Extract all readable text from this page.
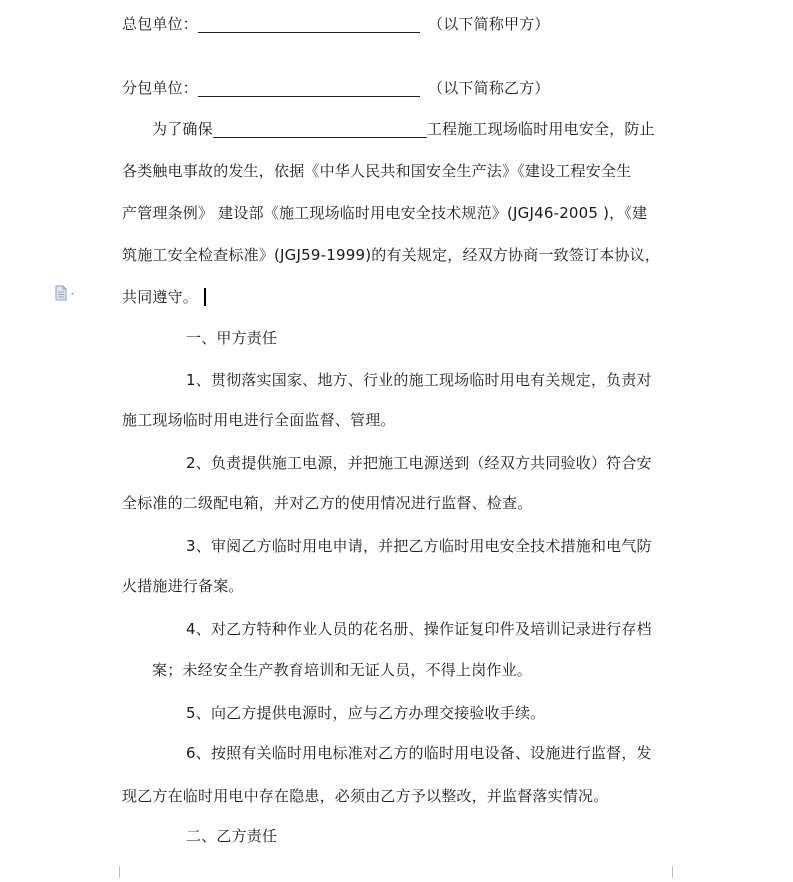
总包单位：	（以下简称甲方）
分包单位：	（以下简称乙方）
为了确保	工程施工现场临时用电安全，防止
各类触电事故的发生，依据《中华人民共和国安全生产法》《建设工程安全生
产管理条例》 建设部《施工现场临时用电安全技术规范》(JGJ46-2005 )，《建
筑施工安全检查标准》(JGJ59-1999)的有关规定，经双方协商一致签订本协议，
共同遵守。
一、甲方责任
1、贯彻落实国家、地方、行业的施工现场临时用电有关规定，负责对
施工现场临时用电进行全面监督、管理。
2、负责提供施工电源，并把施工电源送到（经双方共同验收）符合安
全标准的二级配电箱，并对乙方的使用情况进行监督、检查。
3、审阅乙方临时用电申请，并把乙方临时用电安全技术措施和电气防
火措施进行备案。
4、对乙方特种作业人员的花名册、操作证复印件及培训记录进行存档
案；未经安全生产教育培训和无证人员，不得上岗作业。
5、向乙方提供电源时，应与乙方办理交接验收手续。
6、按照有关临时用电标准对乙方的临时用电设备、设施进行监督，发
现乙方在临时用电中存在隐患，必须由乙方予以整改，并监督落实情况。
二、乙方责任
